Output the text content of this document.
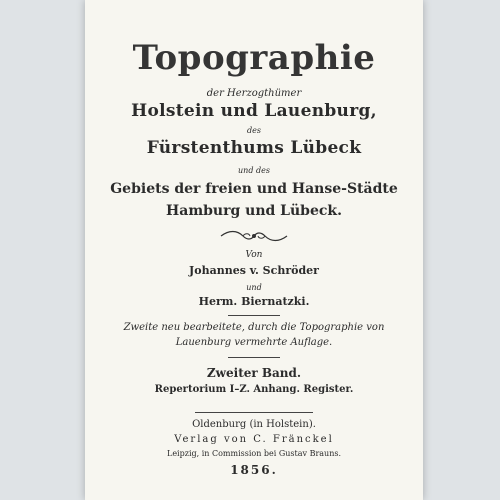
Topographie

der Herzogthümer

Holstein und Lauenburg,

des

Fürstenthums Lübeck

und des

Gebiets der freien und Hanse-Städte

Hamburg und Lübeck.

Von

Johannes v. Schröder

und

Herm. Biernatzki.

Zweite neu bearbeitete, durch die Topographie von

Lauenburg vermehrte Auflage.

Zweiter Band.

Repertorium I–Z. Anhang. Register.

Oldenburg (in Holstein).

Verlag von C. Fränckel

Leipzig, in Commission bei Gustav Brauns.

1856.
